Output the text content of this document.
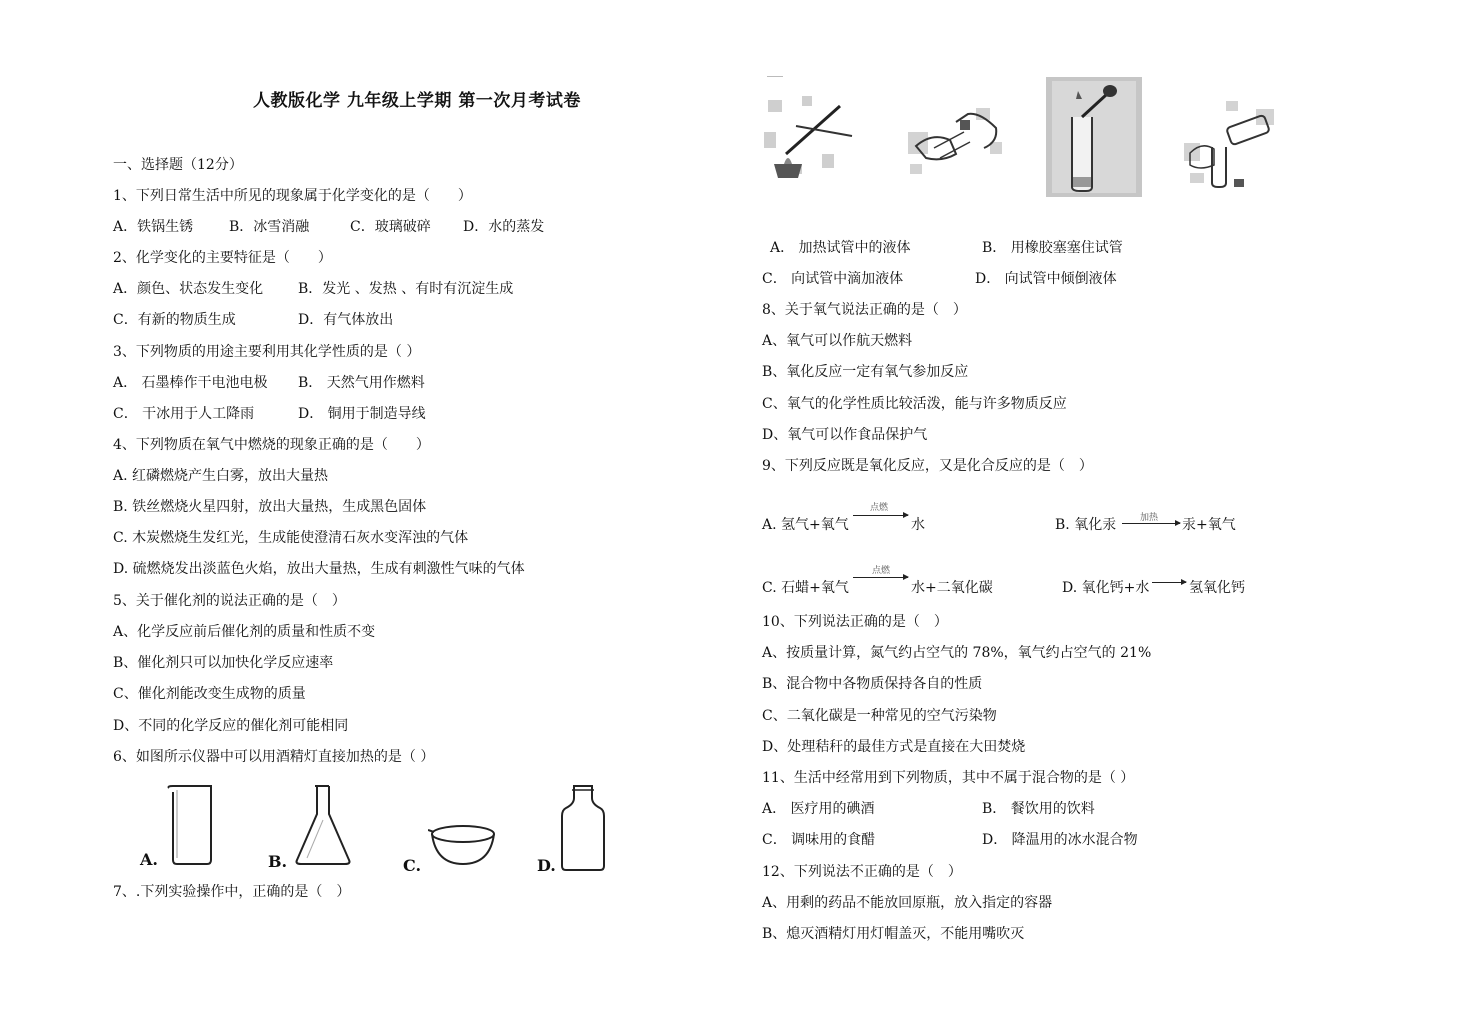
人教版化学 九年级上学期 第一次月考试卷
一、选择题（12分）
1、下列日常生活中所见的现象属于化学变化的是（　　）
A．铁锅生锈	B．冰雪消融	C．玻璃破碎 D．水的蒸发
2、化学变化的主要特征是（　　）
A．颜色、状态发生变化 B．发光 、发热 、有时有沉淀生成
C．有新的物质生成	D．有气体放出
3、下列物质的用途主要利用其化学性质的是（ ）
A． 石墨棒作干电池电极 B． 天然气用作燃料
C． 干冰用于人工降雨	D． 铜用于制造导线
4、下列物质在氧气中燃烧的现象正确的是（　　）
A. 红磷燃烧产生白雾，放出大量热
B. 铁丝燃烧火星四射，放出大量热，生成黑色固体
C. 木炭燃烧生发红光，生成能使澄清石灰水变浑浊的气体
D. 硫燃烧发出淡蓝色火焰，放出大量热，生成有刺激性气味的气体
5、关于催化剂的说法正确的是（　）
A、化学反应前后催化剂的质量和性质不变
B、催化剂只可以加快化学反应速率
C、催化剂能改变生成物的质量
D、不同的化学反应的催化剂可能相同
6、如图所示仪器中可以用酒精灯直接加热的是（ ）
A.	B.	C.	D.
7、.下列实验操作中，正确的是（　）
A． 加热试管中的液体	B． 用橡胶塞塞住试管
C． 向试管中滴加液体	D． 向试管中倾倒液体
8、关于氧气说法正确的是（　）
A、氧气可以作航天燃料
B、氧化反应一定有氧气参加反应
C、氧气的化学性质比较活泼，能与许多物质反应
D、氧气可以作食品保护气
9、下列反应既是氧化反应，又是化合反应的是（　）
A. 氢气+氧气
点燃
水	B. 氧化汞	加热 汞+氧气
C. 石蜡+氧气
点燃
水+二氧化碳	D. 氧化钙+水	氢氧化钙
10、下列说法正确的是（　）
A、按质量计算，氮气约占空气的 78%，氧气约占空气的 21%
B、混合物中各物质保持各自的性质
C、二氧化碳是一种常见的空气污染物
D、处理秸秆的最佳方式是直接在大田焚烧
11、生活中经常用到下列物质，其中不属于混合物的是（ ）
A． 医疗用的碘酒	B． 餐饮用的饮料
C． 调味用的食醋	D． 降温用的冰水混合物
12、下列说法不正确的是（　）
A、用剩的药品不能放回原瓶，放入指定的容器
B、熄灭酒精灯用灯帽盖灭，不能用嘴吹灭
